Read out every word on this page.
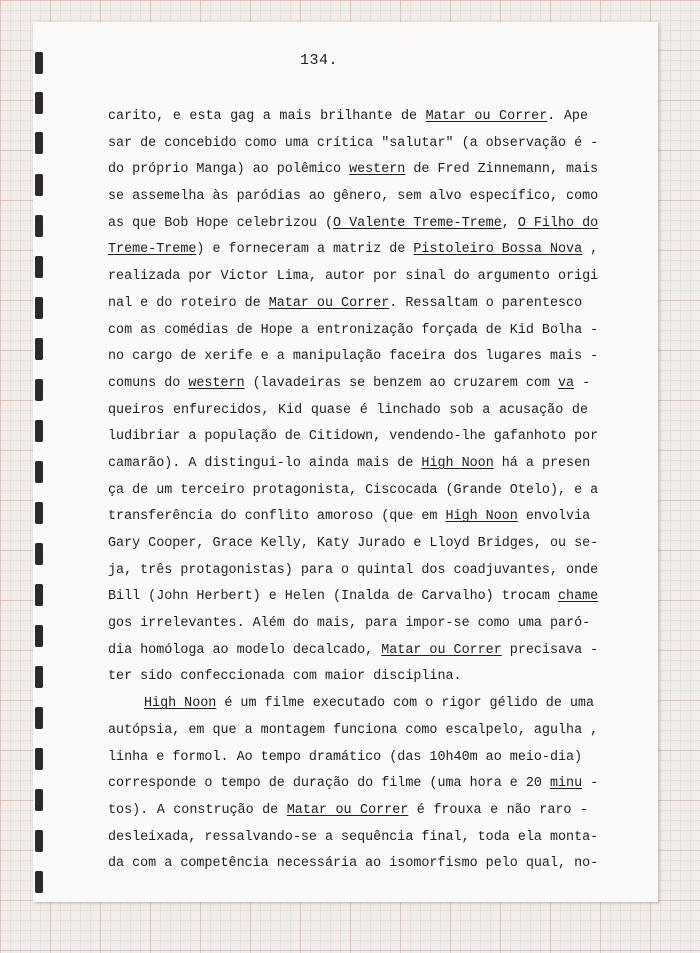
134.
carito, e esta gag a mais brilhante de Matar ou Correr. Ape
sar de concebido como uma crítica "salutar" (a observação é -
do próprio Manga) ao polêmico western de Fred Zinnemann, mais
se assemelha às paródias ao gênero, sem alvo específico, como
as que Bob Hope celebrizou (O Valente Treme-Treme, O Filho do
Treme-Treme) e forneceram a matriz de Pistoleiro Bossa Nova ,
realizada por Victor Lima, autor por sinal do argumento origi
nal e do roteiro de Matar ou Correr. Ressaltam o parentesco
com as comédias de Hope a entronização forçada de Kid Bolha -
no cargo de xerife e a manipulação faceira dos lugares mais -
comuns do western (lavadeiras se benzem ao cruzarem com va -
queiros enfurecidos, Kid quase é linchado sob a acusação de
ludibriar a população de Citidown, vendendo-lhe gafanhoto por
camarão). A distingui-lo ainda mais de High Noon há a presen
ça de um terceiro protagonista, Ciscocada (Grande Otelo), e a
transferência do conflito amoroso (que em High Noon envolvia
Gary Cooper, Grace Kelly, Katy Jurado e Lloyd Bridges, ou se-
ja, três protagonistas) para o quintal dos coadjuvantes, onde
Bill (John Herbert) e Helen (Inalda de Carvalho) trocam chame
gos irrelevantes. Além do mais, para impor-se como uma paró-
dia homóloga ao modelo decalcado, Matar ou Correr precisava -
ter sido confeccionada com maior disciplina.
High Noon é um filme executado com o rigor gélido de uma
autópsia, em que a montagem funciona como escalpelo, agulha ,
linha e formol. Ao tempo dramático (das 10h40m ao meio-dia)
corresponde o tempo de duração do filme (uma hora e 20 minu -
tos). A construção de Matar ou Correr é frouxa e não raro -
desleixada, ressalvando-se a sequência final, toda ela monta-
da com a competência necessária ao isomorfismo pelo qual, no-
